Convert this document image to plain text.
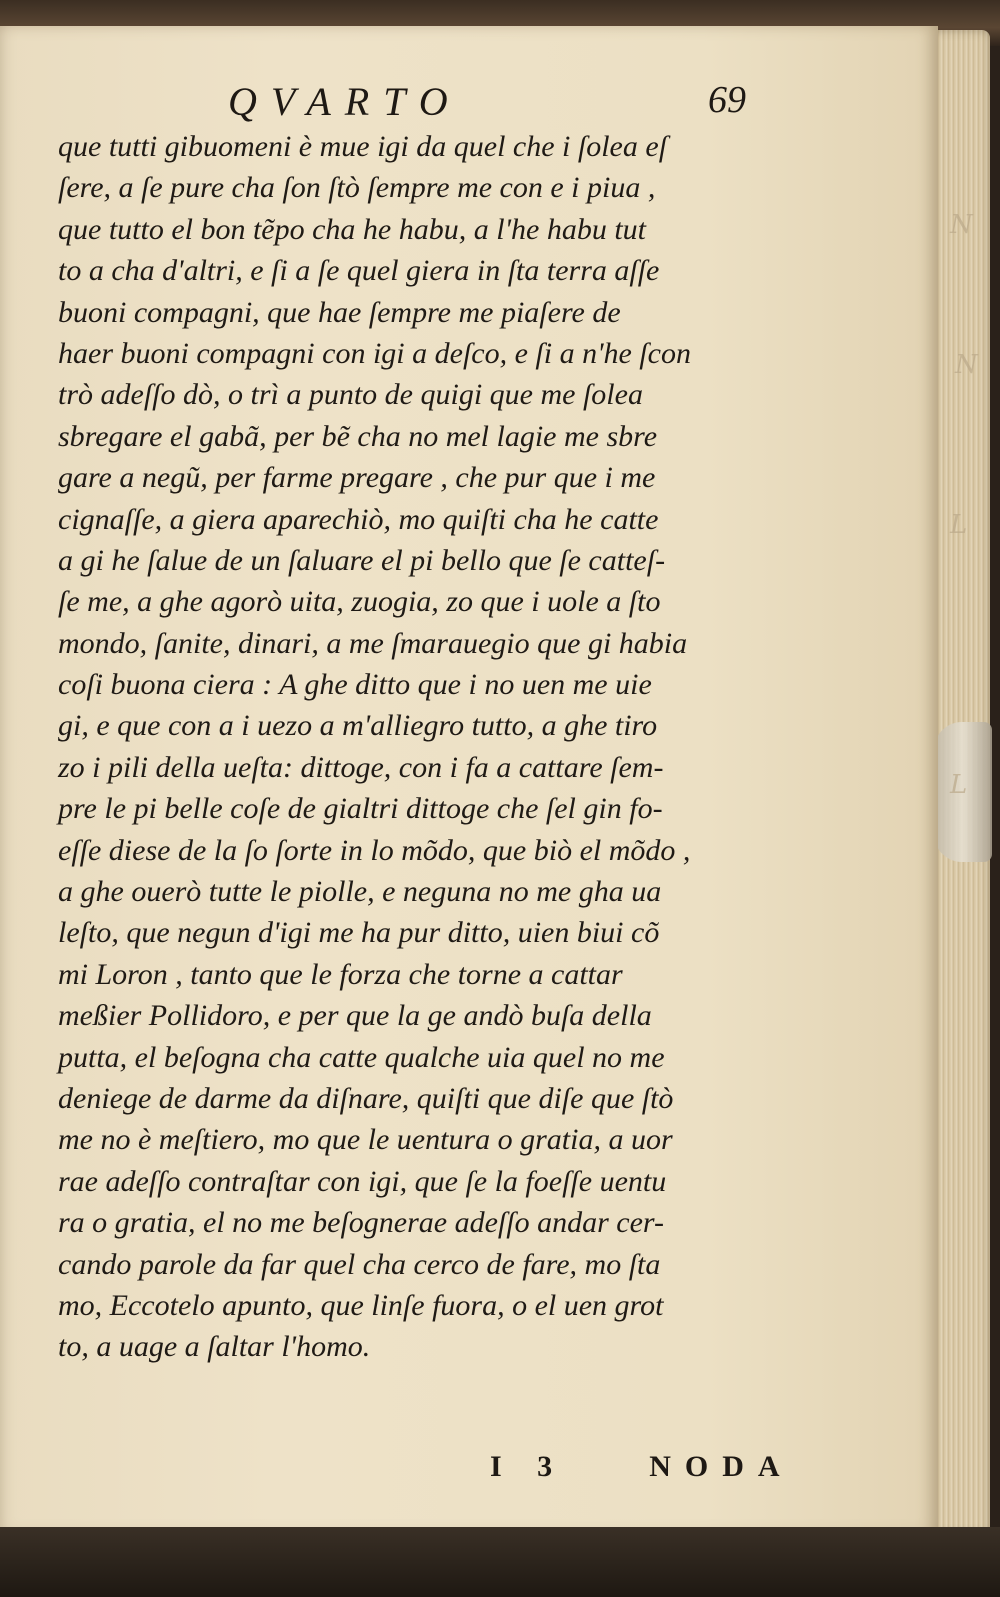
N
N
L
L
QVARTO	69
que tutti gibuomeni è mue igi da quel che i ſolea eſ
ſere, a ſe pure cha ſon ſtò ſempre me con e i piua ,
que tutto el bon tẽpo cha he habu, a l'he habu tut
to a cha d'altri, e ſi a ſe quel giera in ſta terra aſſe
buoni compagni, que hae ſempre me piaſere de
haer buoni compagni con igi a deſco, e ſi a n'he ſcon
trò adeſſo dò, o trì a punto de quigi que me ſolea
sbregare el gabã, per bẽ cha no mel lagie me sbre
gare a negũ, per farme pregare , che pur que i me
cignaſſe, a giera aparechiò, mo quiſti cha he catte
a gi he ſalue de un ſaluare el pi bello que ſe catteſ-
ſe me, a ghe agorò uita, zuogia, zo que i uole a ſto
mondo, ſanite, dinari, a me ſmarauegio que gi habia
coſi buona ciera : A ghe ditto que i no uen me uie
gi, e que con a i uezo a m'alliegro tutto, a ghe tiro
zo i pili della ueſta: dittoge, con i fa a cattare ſem-
pre le pi belle coſe de gialtri dittoge che ſel gin fo-
eſſe diese de la ſo ſorte in lo mõdo, que biò el mõdo ,
a ghe ouerò tutte le piolle, e neguna no me gha ua
leſto, que negun d'igi me ha pur ditto, uien biui cõ
mi Loron , tanto que le forza che torne a cattar
meßier Pollidoro, e per que la ge andò buſa della
putta, el beſogna cha catte qualche uia quel no me
deniege de darme da diſnare, quiſti que diſe que ſtò
me no è meſtiero, mo que le uentura o gratia, a uor
rae adeſſo contraſtar con igi, que ſe la foeſſe uentu
ra o gratia, el no me beſognerae adeſſo andar cer-
cando parole da far quel cha cerco de fare, mo ſta
mo, Eccotelo apunto, que linſe fuora, o el uen grot
to, a uage a ſaltar l'homo.
I 3	NODA
